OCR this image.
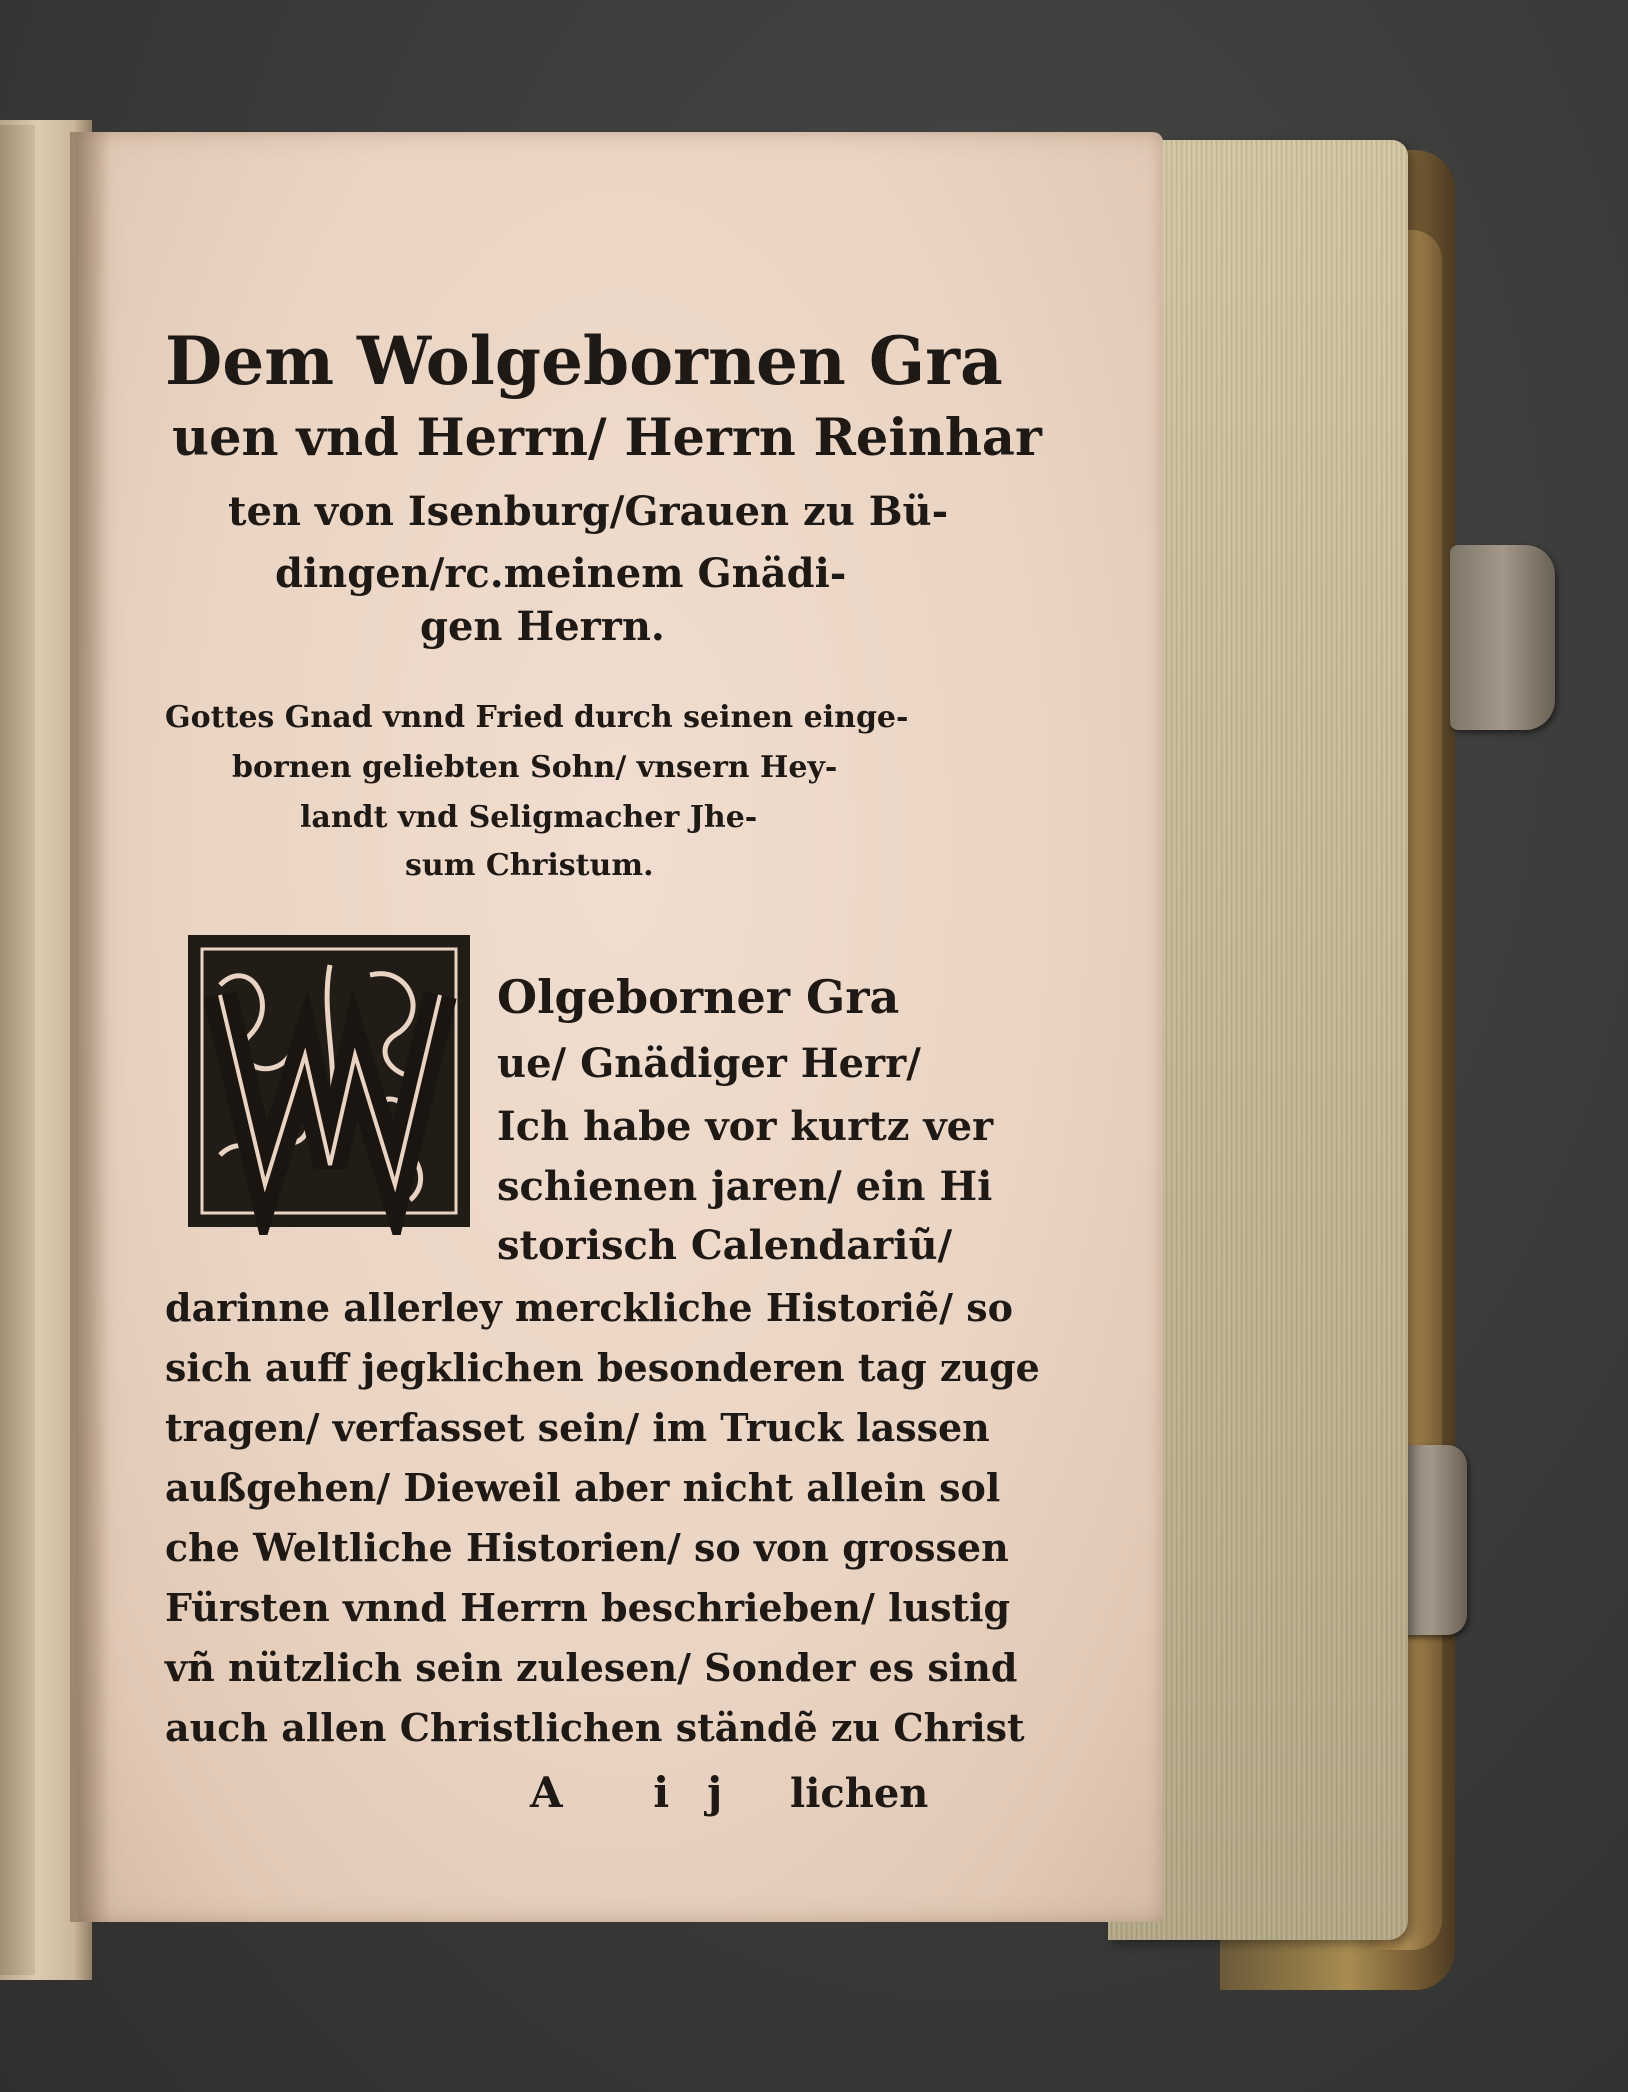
Dem Wolgebornen Gra
uen vnd Herrn/ Herrn Reinhar
ten von Isenburg/Grauen zu Bü-
dingen/rc.meinem Gnädi-
gen Herrn.
Gottes Gnad vnnd Fried durch seinen einge-
bornen geliebten Sohn/ vnsern Hey-
landt vnd Seligmacher Jhe-
sum Christum.
Olgeborner Gra
ue/ Gnädiger Herr/
Ich habe vor kurtz ver
schienen jaren/ ein Hi
storisch Calendariũ/
darinne allerley merckliche Historiẽ/ so
sich auff jegklichen besonderen tag zuge
tragen/ verfasset sein/ im Truck lassen
außgehen/ Dieweil aber nicht allein sol
che Weltliche Historien/ so von grossen
Fürsten vnnd Herrn beschrieben/ lustig
vñ nützlich sein zulesen/ Sonder es sind
auch allen Christlichen ständẽ zu Christ
A ij lichen
